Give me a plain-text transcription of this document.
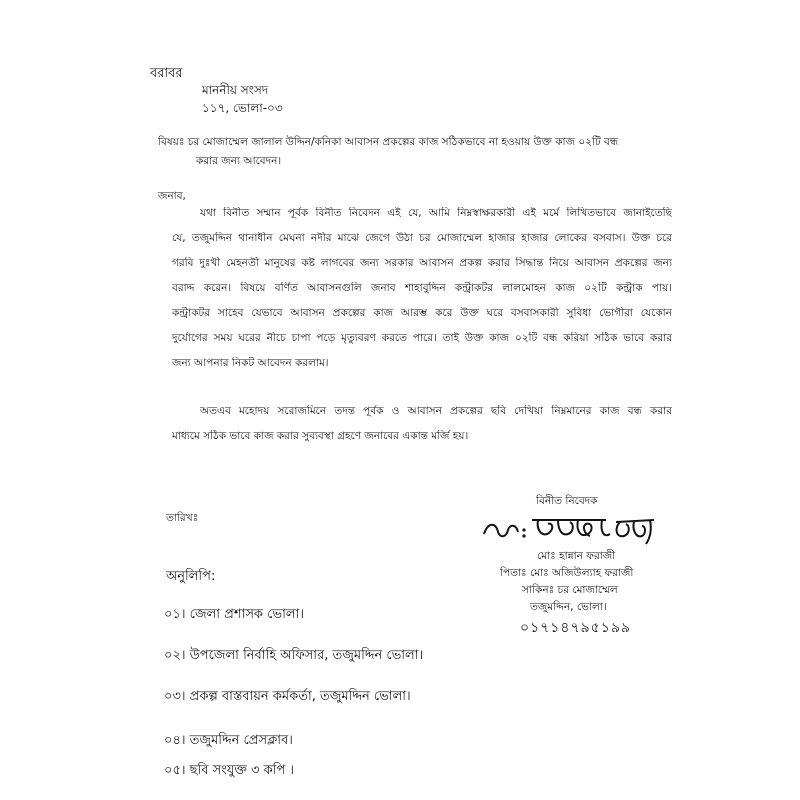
বরাবর

মাননীয় সংসদ

১১৭, ভোলা-০৩

বিষয়ঃ চর মোজাম্মেল জালাল উদ্দিন/কনিকা আবাসন প্রকল্পের কাজ সঠিকভাবে না হওয়ায় উক্ত কাজ ০২টি বন্ধ

করার জন্য আবেদন।

জনাব,

যথা বিনীত সম্মান পূর্বক বিনীত নিবেদন এই যে, আমি নিম্নস্বাক্ষরকারী এই মর্মে লিখিতভাবে জানাইতেছি
যে, তজুমদ্দিন থানাধীন মেঘনা নদীর মাঝে জেগে উঠা চর মোজাম্মেল হাজার হাজার লোকের বসবাস। উক্ত চরে
গরবি দুঃখী মেহনতী মানুষের কষ্ট লাগবের জন্য সরকার আবাসন প্রকল্প করার সিদ্ধান্ত নিয়ে আবাসন প্রকল্পের জন্য
বরাদ্দ করেন। বিষয়ে বর্ণিত আবাসনগুলি জনাব শাহাবুদ্দিন কন্ট্রাকটর লালমোহন কাজ ০২টি কন্ট্রাক পায়।
কন্ট্রাকটর সাহেব যেভাবে আবাসন প্রকল্পের কাজ আরম্ভ করে উক্ত ঘরে বসবাসকারী সুবিধা ভোগীরা যেকোন
দুর্যোগের সময় ঘরের নীচে চাপা পড়ে মৃত্যুবরণ করতে পারে। তাই উক্ত কাজ ০২টি বন্ধ করিয়া সঠিক ভাবে করার
জন্য আপনার নিকট আবেদন করলাম।
অতএব মহোদয় সরোজমিনে তদন্ত পূর্বক ও আবাসন প্রকল্পের ছবি দেখিয়া নিম্নমানের কাজ বন্ধ করার
মাধ্যমে সঠিক ভাবে কাজ করার সুব্যবস্থা গ্রহণে জনাবের একান্ত মর্জি হয়।

বিনীত নিবেদক

তারিখঃ

মোঃ হান্নান ফরাজী

পিতাঃ মোঃ অজিউল্যাহ ফরাজী

সাকিনঃ চর মোজাম্মেল

তজুমদ্দিন, ভোলা।

০১৭১৪৭৯৫১৯৯

অনুলিপি:

০১। জেলা প্রশাসক ভোলা।

০২। উপজেলা নির্বাহি অফিসার, তজুমদ্দিন ভোলা।

০৩। প্রকল্প বাস্তবায়ন কর্মকর্তা, তজুমদ্দিন ভোলা।

০৪। তজুমদ্দিন প্রেসক্লাব।

০৫। ছবি সংযুক্ত ৩ কপি ।
